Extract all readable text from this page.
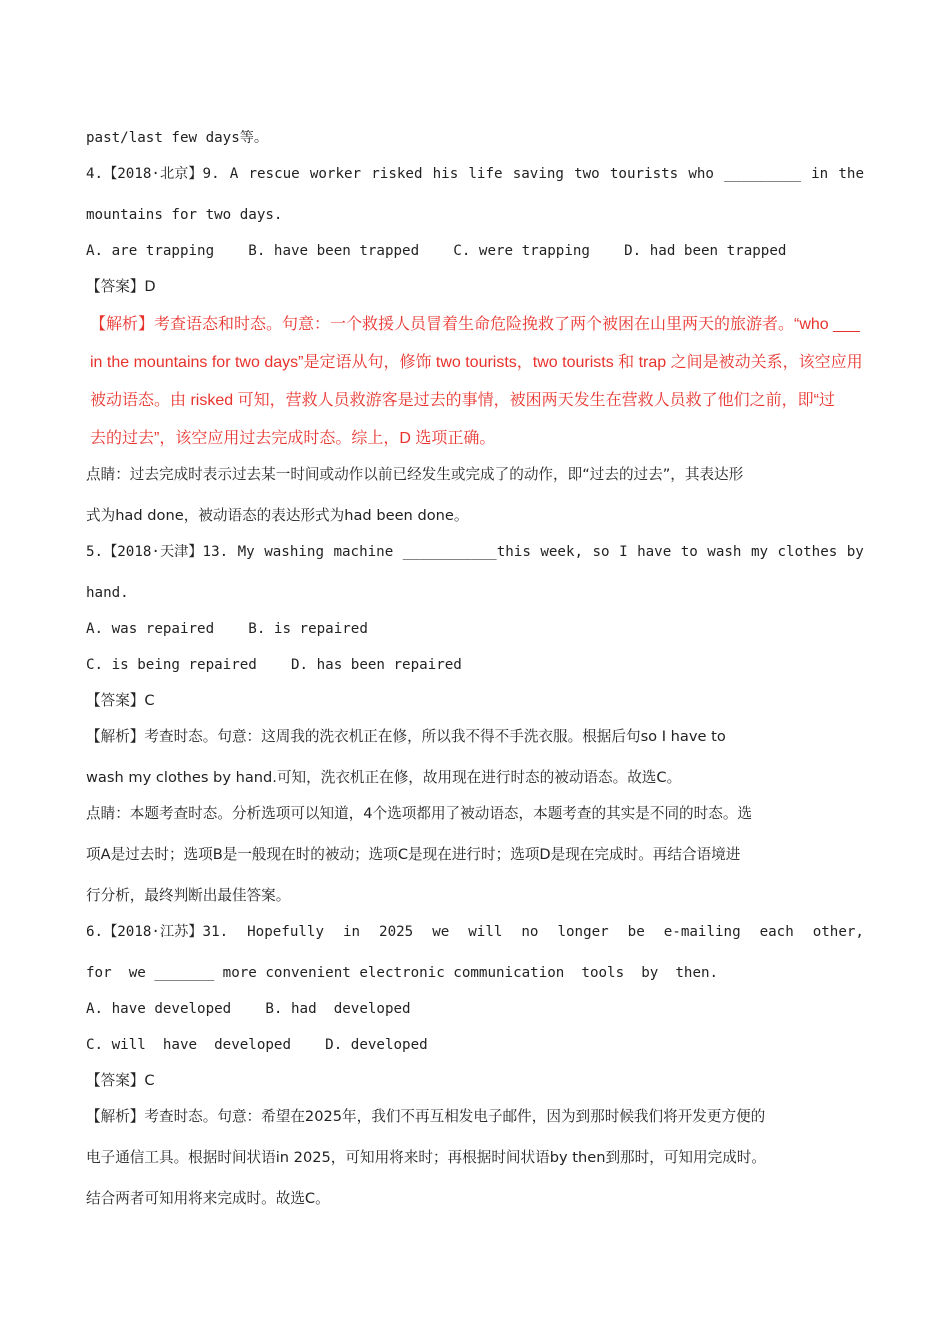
past/last few days等。
4.【2018·北京】9. A rescue worker risked his life saving two tourists who _________ in the
mountains for two days.
A. are trapping    B. have been trapped    C. were trapping    D. had been trapped
【答案】D
【解析】考查语态和时态。句意：一个救援人员冒着生命危险挽救了两个被困在山里两天的旅游者。“who ___
in the mountains for two days”是定语从句，修饰 two tourists，two tourists 和 trap 之间是被动关系，该空应用
被动语态。由 risked 可知，营救人员救游客是过去的事情，被困两天发生在营救人员救了他们之前，即“过
去的过去”，该空应用过去完成时态。综上，D 选项正确。
点睛：过去完成时表示过去某一时间或动作以前已经发生或完成了的动作，即“过去的过去”，其表达形
式为had done，被动语态的表达形式为had been done。
5.【2018·天津】13. My washing machine ___________this week, so I have to wash my clothes by
hand.
A. was repaired    B. is repaired
C. is being repaired    D. has been repaired
【答案】C
【解析】考查时态。句意：这周我的洗衣机正在修，所以我不得不手洗衣服。根据后句so I have to
wash my clothes by hand.可知，洗衣机正在修，故用现在进行时态的被动语态。故选C。
点睛：本题考查时态。分析选项可以知道，4个选项都用了被动语态，本题考查的其实是不同的时态。选
项A是过去时；选项B是一般现在时的被动；选项C是现在进行时；选项D是现在完成时。再结合语境进
行分析，最终判断出最佳答案。
6.【2018·江苏】31. Hopefully in 2025 we will no longer be e-mailing each other,
for  we _______ more convenient electronic communication  tools  by  then.
A. have developed    B. had  developed
C. will  have  developed    D. developed
【答案】C
【解析】考查时态。句意：希望在2025年，我们不再互相发电子邮件，因为到那时候我们将开发更方便的
电子通信工具。根据时间状语in 2025，可知用将来时；再根据时间状语by then到那时，可知用完成时。
结合两者可知用将来完成时。故选C。
